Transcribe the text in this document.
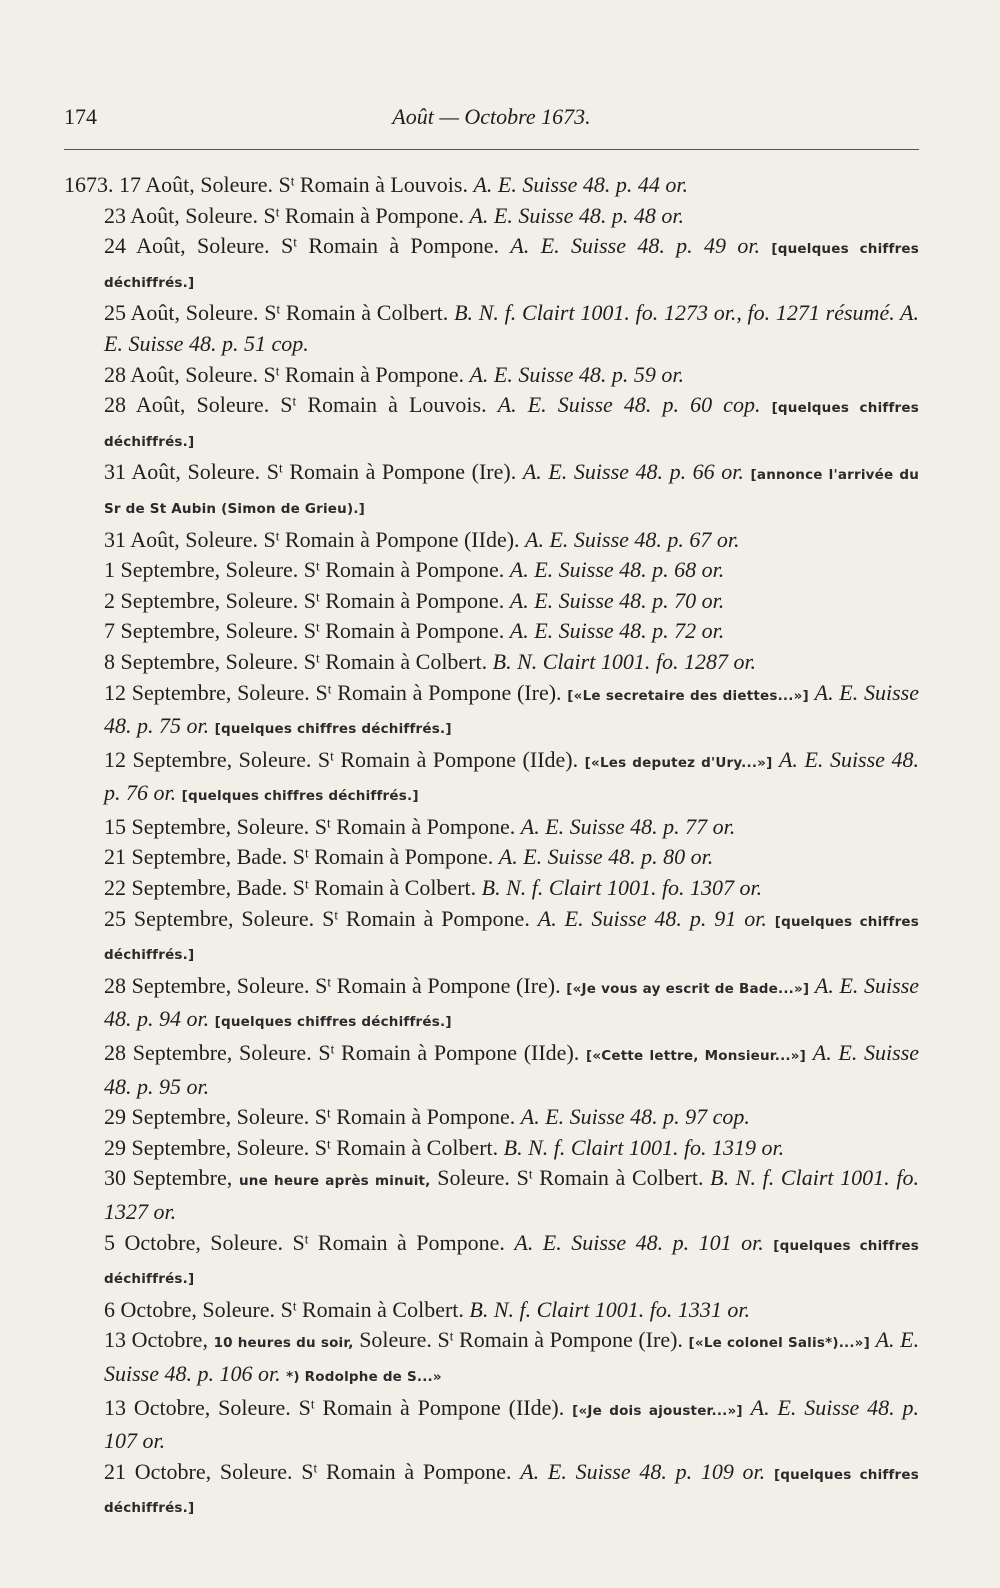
174	Août — Octobre 1673.
1673. 17 Août, Soleure. $S^t$ Romain à Louvois. A. E. Suisse 48. p. 44 or.
23 Août, Soleure. $S^t$ Romain à Pompone. A. E. Suisse 48. p. 48 or.
24 Août, Soleure. $S^t$ Romain à Pompone. A. E. Suisse 48. p. 49 or. [quelques chiffres déchiffrés.]
25 Août, Soleure. $S^t$ Romain à Colbert. B. N. f. Clairt 1001. fo. 1273 or., fo. 1271 résumé. A. E. Suisse 48. p. 51 cop.
28 Août, Soleure. $S^t$ Romain à Pompone. A. E. Suisse 48. p. 59 or.
28 Août, Soleure. $S^t$ Romain à Louvois. A. E. Suisse 48. p. 60 cop. [quelques chiffres déchiffrés.]
31 Août, Soleure. $S^t$ Romain à Pompone (Ire). A. E. Suisse 48. p. 66 or. [annonce l'arrivée du Sr de St Aubin (Simon de Grieu).]
31 Août, Soleure. $S^t$ Romain à Pompone (IIde). A. E. Suisse 48. p. 67 or.
1 Septembre, Soleure. $S^t$ Romain à Pompone. A. E. Suisse 48. p. 68 or.
2 Septembre, Soleure. $S^t$ Romain à Pompone. A. E. Suisse 48. p. 70 or.
7 Septembre, Soleure. $S^t$ Romain à Pompone. A. E. Suisse 48. p. 72 or.
8 Septembre, Soleure. $S^t$ Romain à Colbert. B. N. Clairt 1001. fo. 1287 or.
12 Septembre, Soleure. $S^t$ Romain à Pompone (Ire). [«Le secretaire des diettes...»] A. E. Suisse 48. p. 75 or. [quelques chiffres déchiffrés.]
12 Septembre, Soleure. $S^t$ Romain à Pompone (IIde). [«Les deputez d'Ury...»] A. E. Suisse 48. p. 76 or. [quelques chiffres déchiffrés.]
15 Septembre, Soleure. $S^t$ Romain à Pompone. A. E. Suisse 48. p. 77 or.
21 Septembre, Bade. $S^t$ Romain à Pompone. A. E. Suisse 48. p. 80 or.
22 Septembre, Bade. $S^t$ Romain à Colbert. B. N. f. Clairt 1001. fo. 1307 or.
25 Septembre, Soleure. $S^t$ Romain à Pompone. A. E. Suisse 48. p. 91 or. [quelques chiffres déchiffrés.]
28 Septembre, Soleure. $S^t$ Romain à Pompone (Ire). [«Je vous ay escrit de Bade...»] A. E. Suisse 48. p. 94 or. [quelques chiffres déchiffrés.]
28 Septembre, Soleure. $S^t$ Romain à Pompone (IIde). [«Cette lettre, Monsieur...»] A. E. Suisse 48. p. 95 or.
29 Septembre, Soleure. $S^t$ Romain à Pompone. A. E. Suisse 48. p. 97 cop.
29 Septembre, Soleure. $S^t$ Romain à Colbert. B. N. f. Clairt 1001. fo. 1319 or.
30 Septembre, une heure après minuit, Soleure. $S^t$ Romain à Colbert. B. N. f. Clairt 1001. fo. 1327 or.
5 Octobre, Soleure. $S^t$ Romain à Pompone. A. E. Suisse 48. p. 101 or. [quelques chiffres déchiffrés.]
6 Octobre, Soleure. $S^t$ Romain à Colbert. B. N. f. Clairt 1001. fo. 1331 or.
13 Octobre, 10 heures du soir, Soleure. $S^t$ Romain à Pompone (Ire). [«Le colonel Salis*)...»] A. E. Suisse 48. p. 106 or. *) Rodolphe de S...»
13 Octobre, Soleure. $S^t$ Romain à Pompone (IIde). [«Je dois ajouster...»] A. E. Suisse 48. p. 107 or.
21 Octobre, Soleure. $S^t$ Romain à Pompone. A. E. Suisse 48. p. 109 or. [quelques chiffres déchiffrés.]
